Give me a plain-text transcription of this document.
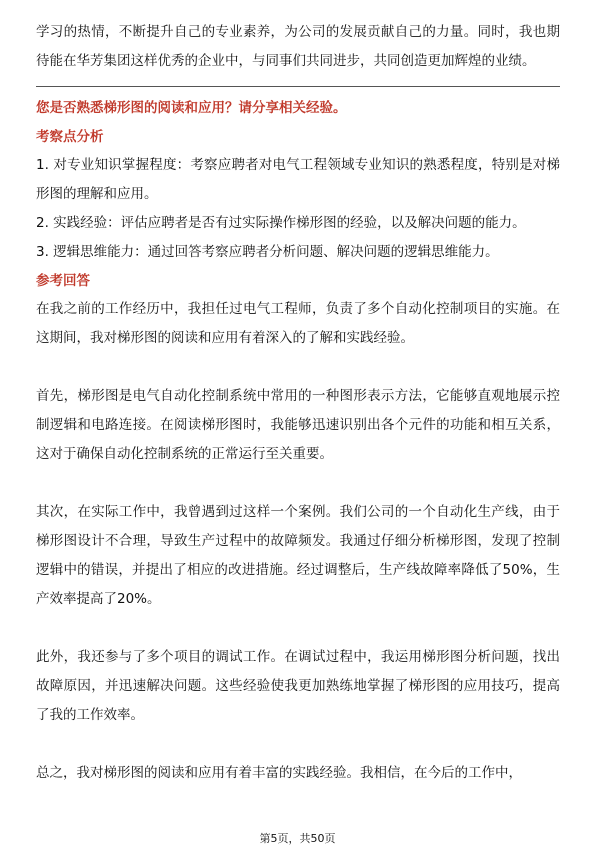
学习的热情，不断提升自己的专业素养，为公司的发展贡献自己的力量。同时，我也期待能在华芳集团这样优秀的企业中，与同事们共同进步，共同创造更加辉煌的业绩。

您是否熟悉梯形图的阅读和应用？请分享相关经验。

考察点分析

1. 对专业知识掌握程度：考察应聘者对电气工程领域专业知识的熟悉程度，特别是对梯形图的理解和应用。

2. 实践经验：评估应聘者是否有过实际操作梯形图的经验，以及解决问题的能力。

3. 逻辑思维能力：通过回答考察应聘者分析问题、解决问题的逻辑思维能力。

参考回答

在我之前的工作经历中，我担任过电气工程师，负责了多个自动化控制项目的实施。在这期间，我对梯形图的阅读和应用有着深入的了解和实践经验。

首先，梯形图是电气自动化控制系统中常用的一种图形表示方法，它能够直观地展示控制逻辑和电路连接。在阅读梯形图时，我能够迅速识别出各个元件的功能和相互关系，这对于确保自动化控制系统的正常运行至关重要。

其次，在实际工作中，我曾遇到过这样一个案例。我们公司的一个自动化生产线，由于梯形图设计不合理，导致生产过程中的故障频发。我通过仔细分析梯形图，发现了控制逻辑中的错误，并提出了相应的改进措施。经过调整后，生产线故障率降低了50%，生产效率提高了20%。

此外，我还参与了多个项目的调试工作。在调试过程中，我运用梯形图分析问题，找出故障原因，并迅速解决问题。这些经验使我更加熟练地掌握了梯形图的应用技巧，提高了我的工作效率。

总之，我对梯形图的阅读和应用有着丰富的实践经验。我相信，在今后的工作中，

第5页，共50页
